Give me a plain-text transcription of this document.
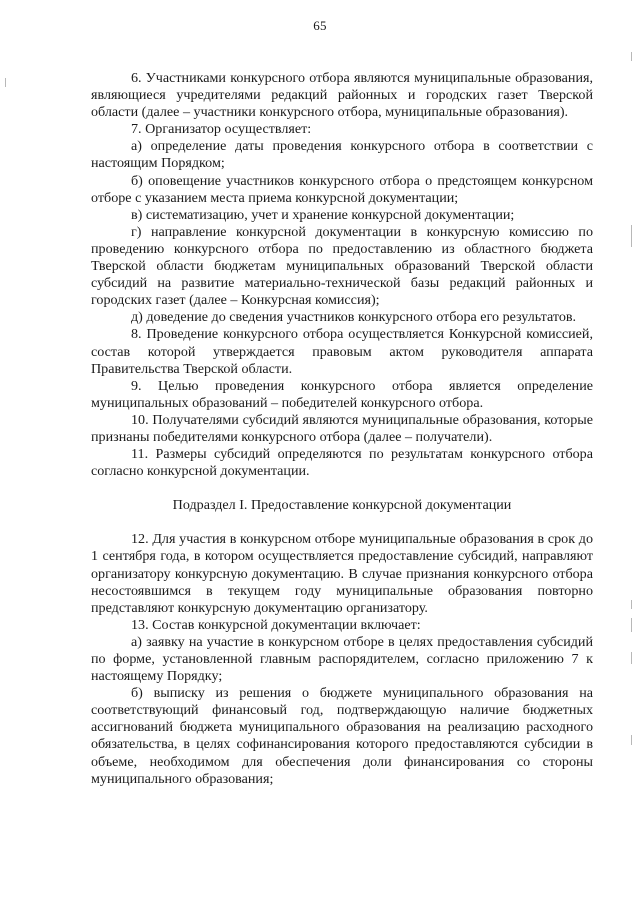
65

6. Участниками конкурсного отбора являются муниципальные образования, являющиеся учредителями редакций районных и городских газет Тверской области (далее – участники конкурсного отбора, муниципальные образования).

7. Организатор осуществляет:

а) определение даты проведения конкурсного отбора в соответствии с настоящим Порядком;

б) оповещение участников конкурсного отбора о предстоящем конкурсном отборе с указанием места приема конкурсной документации;

в) систематизацию, учет и хранение конкурсной документации;

г) направление конкурсной документации в конкурсную комиссию по проведению конкурсного отбора по предоставлению из областного бюджета Тверской области бюджетам муниципальных образований Тверской области субсидий на развитие материально-технической базы редакций районных и городских газет (далее – Конкурсная комиссия);

д) доведение до сведения участников конкурсного отбора его результатов.

8. Проведение конкурсного отбора осуществляется Конкурсной комиссией, состав которой утверждается правовым актом руководителя аппарата Правительства Тверской области.

9. Целью проведения конкурсного отбора является определение муниципальных образований – победителей конкурсного отбора.

10. Получателями субсидий являются муниципальные образования, которые признаны победителями конкурсного отбора (далее – получатели).

11. Размеры субсидий определяются по результатам конкурсного отбора согласно конкурсной документации.

Подраздел I. Предоставление конкурсной документации

12. Для участия в конкурсном отборе муниципальные образования в срок до 1 сентября года, в котором осуществляется предоставление субсидий, направляют организатору конкурсную документацию. В случае признания конкурсного отбора несостоявшимся в текущем году муниципальные образования повторно представляют конкурсную документацию организатору.

13. Состав конкурсной документации включает:

а) заявку на участие в конкурсном отборе в целях предоставления субсидий по форме, установленной главным распорядителем, согласно приложению 7 к настоящему Порядку;

б) выписку из решения о бюджете муниципального образования на соответствующий финансовый год, подтверждающую наличие бюджетных ассигнований бюджета муниципального образования на реализацию расходного обязательства, в целях софинансирования которого предоставляются субсидии в объеме, необходимом для обеспечения доли финансирования со стороны муниципального образования;
